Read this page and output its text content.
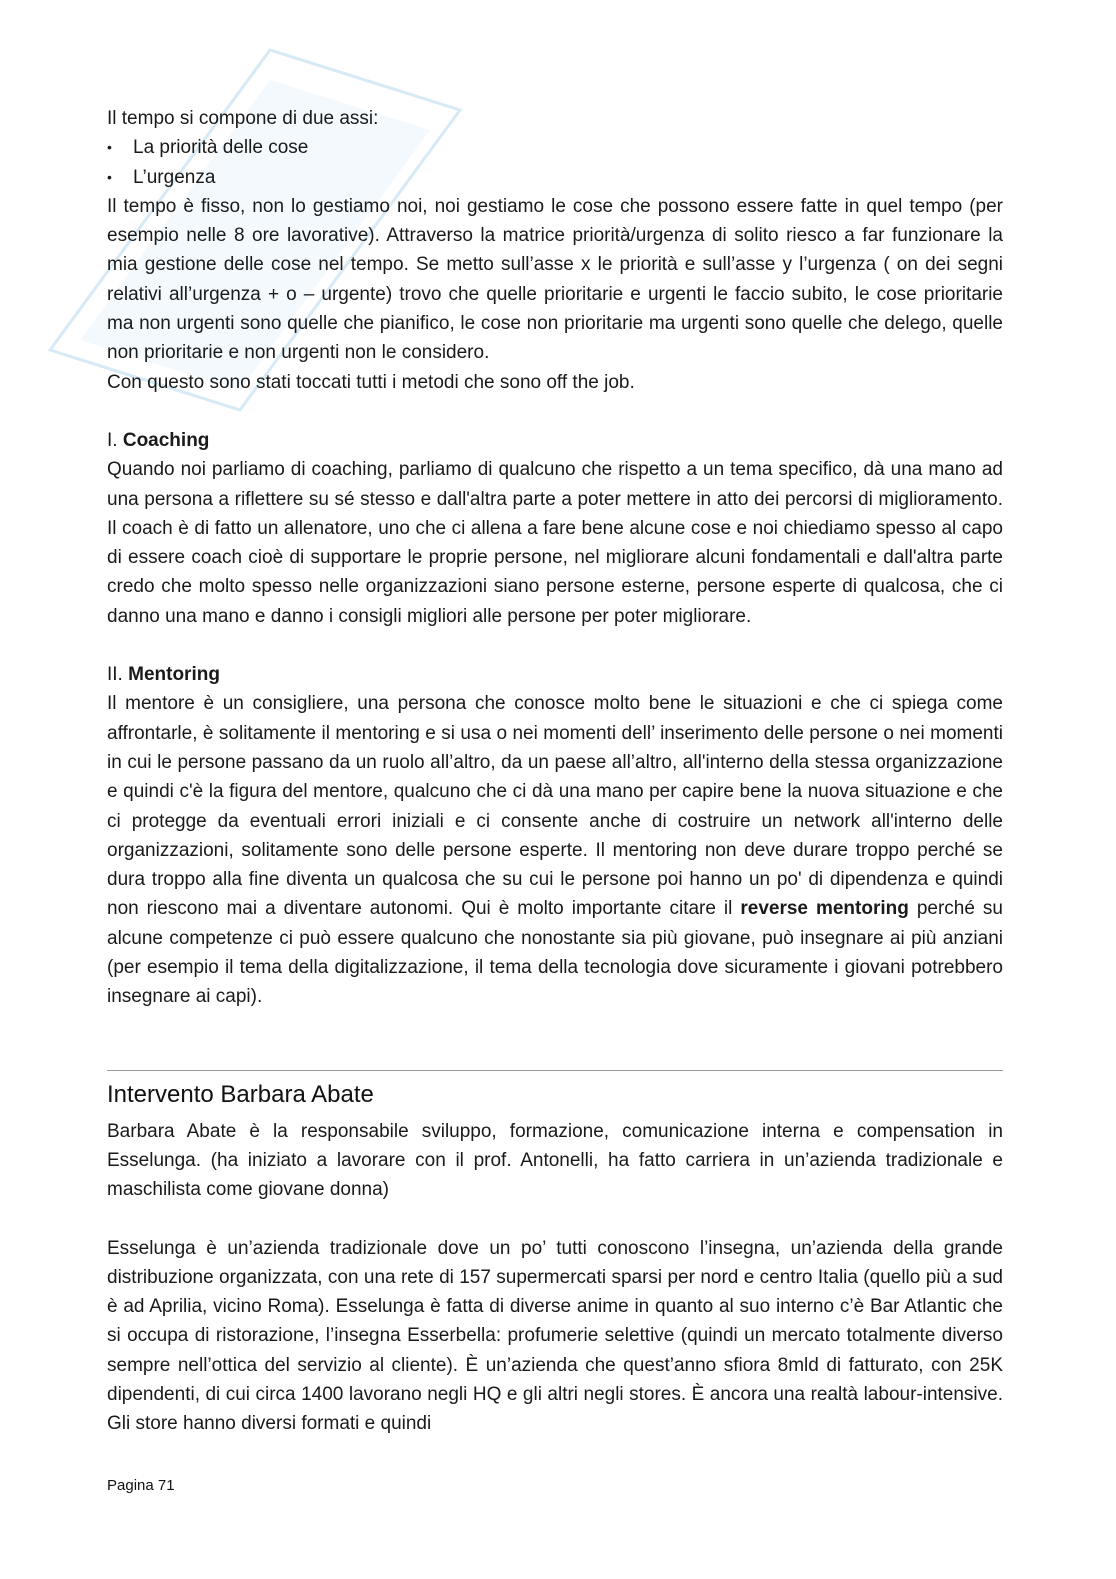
Il tempo si compone di due assi:

• La priorità delle cose
• L’urgenza

Il tempo è fisso, non lo gestiamo noi, noi gestiamo le cose che possono essere fatte in quel tempo (per esempio nelle 8 ore lavorative). Attraverso la matrice priorità/urgenza di solito riesco a far funzionare la mia gestione delle cose nel tempo. Se metto sull’asse x le priorità e sull’asse y l’urgenza ( on dei segni relativi all’urgenza + o – urgente) trovo che quelle prioritarie e urgenti le faccio subito, le cose prioritarie ma non urgenti sono quelle che pianifico, le cose non prioritarie ma urgenti sono quelle che delego, quelle non prioritarie e non urgenti non le considero.

Con questo sono stati toccati tutti i metodi che sono off the job.

I. Coaching

Quando noi parliamo di coaching, parliamo di qualcuno che rispetto a un tema specifico, dà una mano ad una persona a riflettere su sé stesso e dall'altra parte a poter mettere in atto dei percorsi di miglioramento. Il coach è di fatto un allenatore, uno che ci allena a fare bene alcune cose e noi chiediamo spesso al capo di essere coach cioè di supportare le proprie persone, nel migliorare alcuni fondamentali e dall'altra parte credo che molto spesso nelle organizzazioni siano persone esterne, persone esperte di qualcosa, che ci danno una mano e danno i consigli migliori alle persone per poter migliorare.

II. Mentoring

Il mentore è un consigliere, una persona che conosce molto bene le situazioni e che ci spiega come affrontarle, è solitamente il mentoring e si usa o nei momenti dell’ inserimento delle persone o nei momenti in cui le persone passano da un ruolo all’altro, da un paese all’altro, all'interno della stessa organizzazione e quindi c'è la figura del mentore, qualcuno che ci dà una mano per capire bene la nuova situazione e che ci protegge da eventuali errori iniziali e ci consente anche di costruire un network all'interno delle organizzazioni, solitamente sono delle persone esperte. Il mentoring non deve durare troppo perché se dura troppo alla fine diventa un qualcosa che su cui le persone poi hanno un po' di dipendenza e quindi non riescono mai a diventare autonomi. Qui è molto importante citare il reverse mentoring perché su alcune competenze ci può essere qualcuno che nonostante sia più giovane, può insegnare ai più anziani (per esempio il tema della digitalizzazione, il tema della tecnologia dove sicuramente i giovani potrebbero insegnare ai capi).

Intervento Barbara Abate

Barbara Abate è la responsabile sviluppo, formazione, comunicazione interna e compensation in Esselunga. (ha iniziato a lavorare con il prof. Antonelli, ha fatto carriera in un’azienda tradizionale e maschilista come giovane donna)

Esselunga è un’azienda tradizionale dove un po’ tutti conoscono l’insegna, un’azienda della grande distribuzione organizzata, con una rete di 157 supermercati sparsi per nord e centro Italia (quello più a sud è ad Aprilia, vicino Roma). Esselunga è fatta di diverse anime in quanto al suo interno c’è Bar Atlantic che si occupa di ristorazione, l’insegna Esserbella: profumerie selettive (quindi un mercato totalmente diverso sempre nell’ottica del servizio al cliente). È un’azienda che quest’anno sfiora 8mld di fatturato, con 25K dipendenti, di cui circa 1400 lavorano negli HQ e gli altri negli stores. È ancora una realtà labour-intensive. Gli store hanno diversi formati e quindi

Pagina 71
